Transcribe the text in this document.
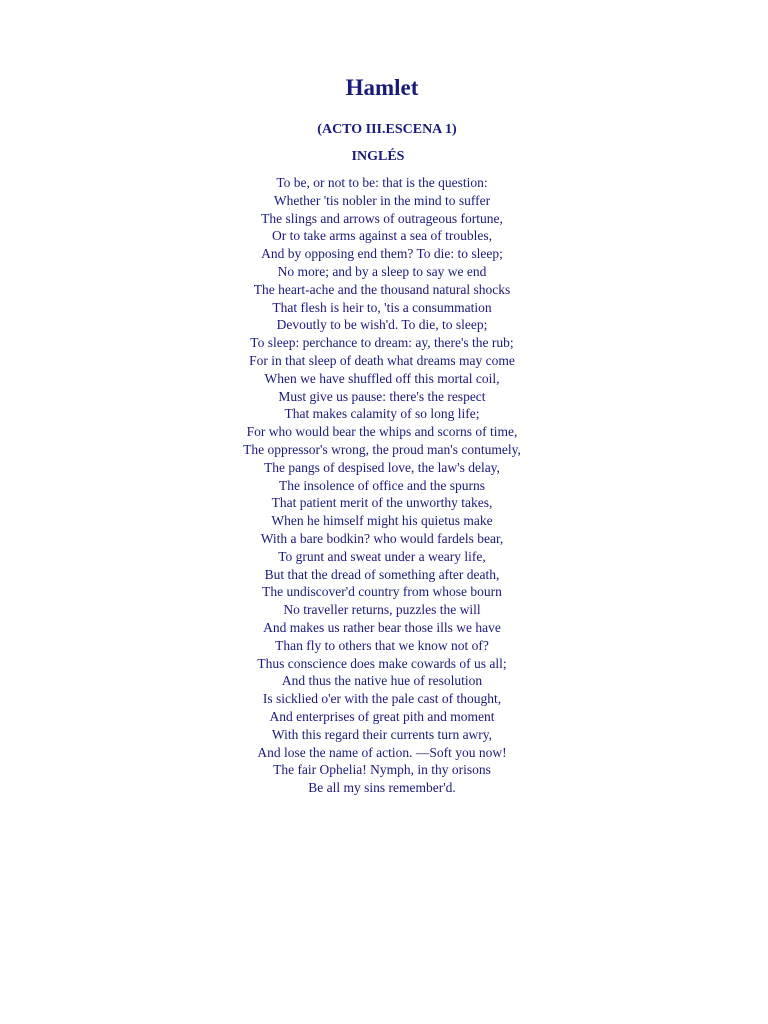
Hamlet
(ACTO III.ESCENA 1)
INGLÉS
To be, or not to be: that is the question:
Whether 'tis nobler in the mind to suffer
The slings and arrows of outrageous fortune,
Or to take arms against a sea of troubles,
And by opposing end them? To die: to sleep;
No more; and by a sleep to say we end
The heart-ache and the thousand natural shocks
That flesh is heir to, 'tis a consummation
Devoutly to be wish'd. To die, to sleep;
To sleep: perchance to dream: ay, there's the rub;
For in that sleep of death what dreams may come
When we have shuffled off this mortal coil,
Must give us pause: there's the respect
That makes calamity of so long life;
For who would bear the whips and scorns of time,
The oppressor's wrong, the proud man's contumely,
The pangs of despised love, the law's delay,
The insolence of office and the spurns
That patient merit of the unworthy takes,
When he himself might his quietus make
With a bare bodkin? who would fardels bear,
To grunt and sweat under a weary life,
But that the dread of something after death,
The undiscover'd country from whose bourn
No traveller returns, puzzles the will
And makes us rather bear those ills we have
Than fly to others that we know not of?
Thus conscience does make cowards of us all;
And thus the native hue of resolution
Is sicklied o'er with the pale cast of thought,
And enterprises of great pith and moment
With this regard their currents turn awry,
And lose the name of action. —Soft you now!
The fair Ophelia! Nymph, in thy orisons
Be all my sins remember'd.
